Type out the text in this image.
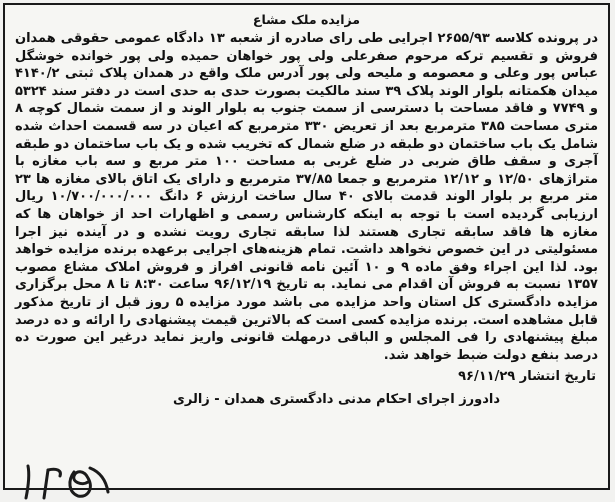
مزایده ملک مشاع

در پرونده کلاسه ۲۶۵۵/۹۳ اجرایی طی رای صادره از شعبه ۱۳ دادگاه عمومی حقوقی همدان فروش و تقسیم ترکه مرحوم صفرعلی ولی پور خواهان حمیده ولی پور خوانده خوشگل عباس پور وعلی و معصومه و ملیحه ولی پور آدرس ملک واقع در همدان پلاک ثبتی ۴۱۴۰/۲ میدان هکمتانه بلوار الوند پلاک ۳۹ سند مالکیت بصورت حدی به حدی است در دفتر سند ۵۳۲۴ و ۷۷۴۹ و فاقد مساحت با دسترسی از سمت جنوب به بلوار الوند و از سمت شمال کوچه ۸ متری مساحت ۳۸۵ مترمربع بعد از تعریض ۳۳۰ مترمربع که اعیان در سه قسمت احداث شده شامل یک باب ساختمان دو طبقه در ضلع شمال که تخریب شده و یک باب ساختمان دو طبقه آجری و سقف طاق ضربی در ضلع غربی به مساحت ۱۰۰ متر مربع و سه باب مغازه با متراژهای ۱۲/۵۰ و ۱۲/۱۲ مترمربع و جمعا ۳۷/۸۵ مترمربع و دارای یک اتاق بالای مغازه ها ۲۳ متر مربع بر بلوار الوند قدمت بالای ۴۰ سال ساخت ارزش ۶ دانگ ۱۰/۷۰۰/۰۰۰/۰۰۰ ریال ارزیابی گردیده است با توجه به اینکه کارشناس رسمی و اظهارات احد از خواهان ها که مغازه ها فاقد سابقه تجاری هستند لذا سابقه تجاری رویت نشده و در آینده نیز اجرا مسئولیتی در این خصوص نخواهد داشت. تمام هزینه‌های اجرایی برعهده برنده مزایده خواهد بود. لذا این اجراء وفق ماده ۹ و ۱۰ آئین نامه قانونی افراز و فروش املاک مشاع مصوب ۱۳۵۷ نسبت به فروش آن اقدام می نماید. به تاریخ ۹۶/۱۲/۱۹ ساعت ۸:۳۰ تا ۸ محل برگزاری مزایده دادگستری کل استان واحد مزایده می باشد مورد مزایده ۵ روز قبل از تاریخ مذکور قابل مشاهده است. برنده مزایده کسی است که بالاترین قیمت پیشنهادی را ارائه و ده درصد مبلغ پیشنهادی را فی المجلس و الباقی درمهلت قانونی واریز نماید درغیر این صورت ده درصد بنفع دولت ضبط خواهد شد.

تاریخ انتشار ۹۶/۱۱/۲۹
دادورز اجرای احکام مدنی دادگستری همدان - زالری
